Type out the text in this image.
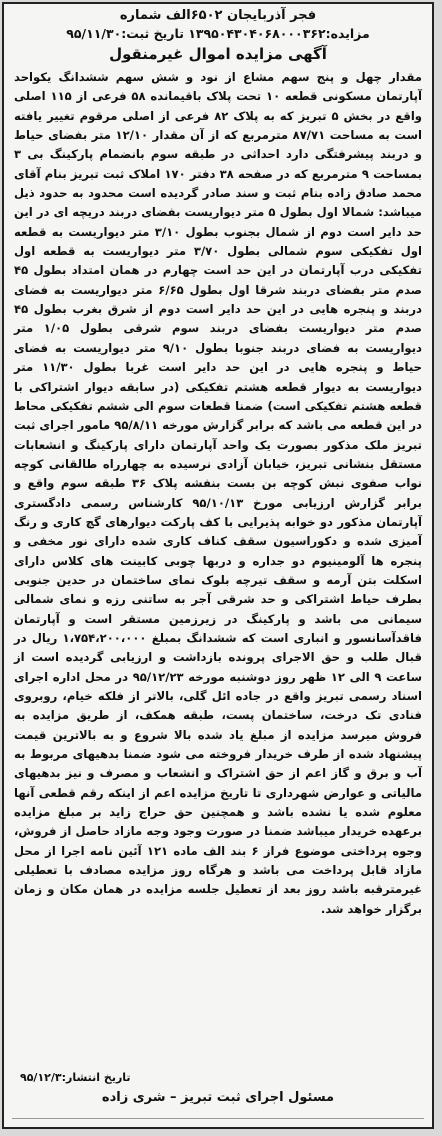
فجر آذربایجان ۶۵۰۲الف شماره
مزایده:۱۳۹۵۰۴۳۰۴۰۶۸۰۰۰۳۶۲ تاریخ ثبت:۹۵/۱۱/۳۰
آگهی مزایده اموال غیرمنقول
مقدار چهل و پنج سهم مشاع از نود و شش سهم ششدانگ یکواحد آپارتمان مسکونی قطعه ۱۰ تحت پلاک باقیمانده ۵۸ فرعی از ۱۱۵ اصلی واقع در بخش ۵ تبریز که به پلاک ۸۲ فرعی از اصلی مرقوم تغییر یافته است به مساحت ۸۷/۷۱ مترمربع که از آن مقدار ۱۲/۱۰ متر بفضای حیاط و دربند پیشرفتگی دارد احداثی در طبقه سوم بانضمام پارکینگ بی ۳ بمساحت ۹ مترمربع که در صفحه ۳۸ دفتر ۱۷۰ املاک ثبت تبریز بنام آقای محمد صادق زاده بنام ثبت و سند صادر گردیده است محدود به حدود ذیل میباشد: شمالا اول بطول ۵ متر دیواریست بفضای دربند دریچه ای در این حد دایر است دوم از شمال بجنوب بطول ۳/۱۰ متر دیواریست به قطعه اول تفکیکی سوم شمالی بطول ۳/۷۰ متر دیواریست به قطعه اول تفکیکی درب آپارتمان در این حد است چهارم در همان امتداد بطول ۴۵ صدم متر بفضای دربند شرقا اول بطول ۶/۶۵ متر دیواریست به فضای دربند و پنجره هایی در این حد دایر است دوم از شرق بغرب بطول ۴۵ صدم متر دیواریست بفضای دربند سوم شرقی بطول ۱/۰۵ متر دیواریست به فضای دربند جنوبا بطول ۹/۱۰ متر دیواریست به فضای حیاط و پنجره هایی در این حد دایر است غربا بطول ۱۱/۳۰ متر دیواریست به دیوار قطعه هشتم تفکیکی (در سابقه دیوار اشتراکی با قطعه هشتم تفکیکی است) ضمنا قطعات سوم الی ششم تفکیکی محاط در این قطعه می باشد که برابر گزارش مورخه ۹۵/۸/۱۱ مامور اجرای ثبت تبریز ملک مذکور بصورت یک واحد آپارتمان دارای پارکینگ و انشعابات مستقل بنشانی تبریز، خیابان آزادی نرسیده به چهارراه طالقانی کوچه نواب صفوی نبش کوچه بن بست بنفشه پلاک ۳۶ طبقه سوم واقع و برابر گزارش ارزیابی مورخ ۹۵/۱۰/۱۳ کارشناس رسمی دادگستری آپارتمان مذکور دو خوابه پذیرایی با کف پارکت دیوارهای گچ کاری و رنگ آمیزی شده و دکوراسیون سقف کناف کاری شده دارای نور مخفی و پنجره ها آلومینیوم دو جداره و دربها چوبی کابینت های کلاس دارای اسکلت بتن آرمه و سقف تیرچه بلوک نمای ساختمان در حدین جنوبی بطرف حیاط اشتراکی و حد شرقی آجر به ساتنی رزه و نمای شمالی سیمانی می باشد و پارکینگ در زیرزمین مستقر است و آپارتمان فاقدآسانسور و انباری است که ششدانگ بمبلغ ۱،۷۵۴،۲۰۰،۰۰۰ ریال در قبال طلب و حق الاجرای پرونده بازداشت و ارزیابی گردیده است از ساعت ۹ الی ۱۲ ظهر روز دوشنبه مورخه ۹۵/۱۲/۲۳ در محل اداره اجرای اسناد رسمی تبریز واقع در جاده ائل گلی، بالاتر از فلکه خیام، روبروی فنادی تک درخت، ساختمان پست، طبقه همکف، از طریق مزایده به فروش میرسد مزایده از مبلغ یاد شده بالا شروع و به بالاترین قیمت پیشنهاد شده از طرف خریدار فروخته می شود ضمنا بدهیهای مربوط به آب و برق و گاز اعم از حق اشتراک و انشعاب و مصرف و نیز بدهیهای مالیاتی و عوارض شهرداری تا تاریخ مزایده اعم از اینکه رقم قطعی آنها معلوم شده یا نشده باشد و همچنین حق حراج زاید بر مبلغ مزایده برعهده خریدار میباشد ضمنا در صورت وجود وجه مازاد حاصل از فروش، وجوه پرداختی موضوع فراز ۶ بند الف ماده ۱۲۱ آئین نامه اجرا از محل مازاد قابل پرداخت می باشد و هرگاه روز مزایده مصادف با تعطیلی غیرمترقبه باشد روز بعد از تعطیل جلسه مزایده در همان مکان و زمان برگزار خواهد شد.
تاریخ انتشار:۹۵/۱۲/۳
مسئول اجرای ثبت تبریز – شری زاده
